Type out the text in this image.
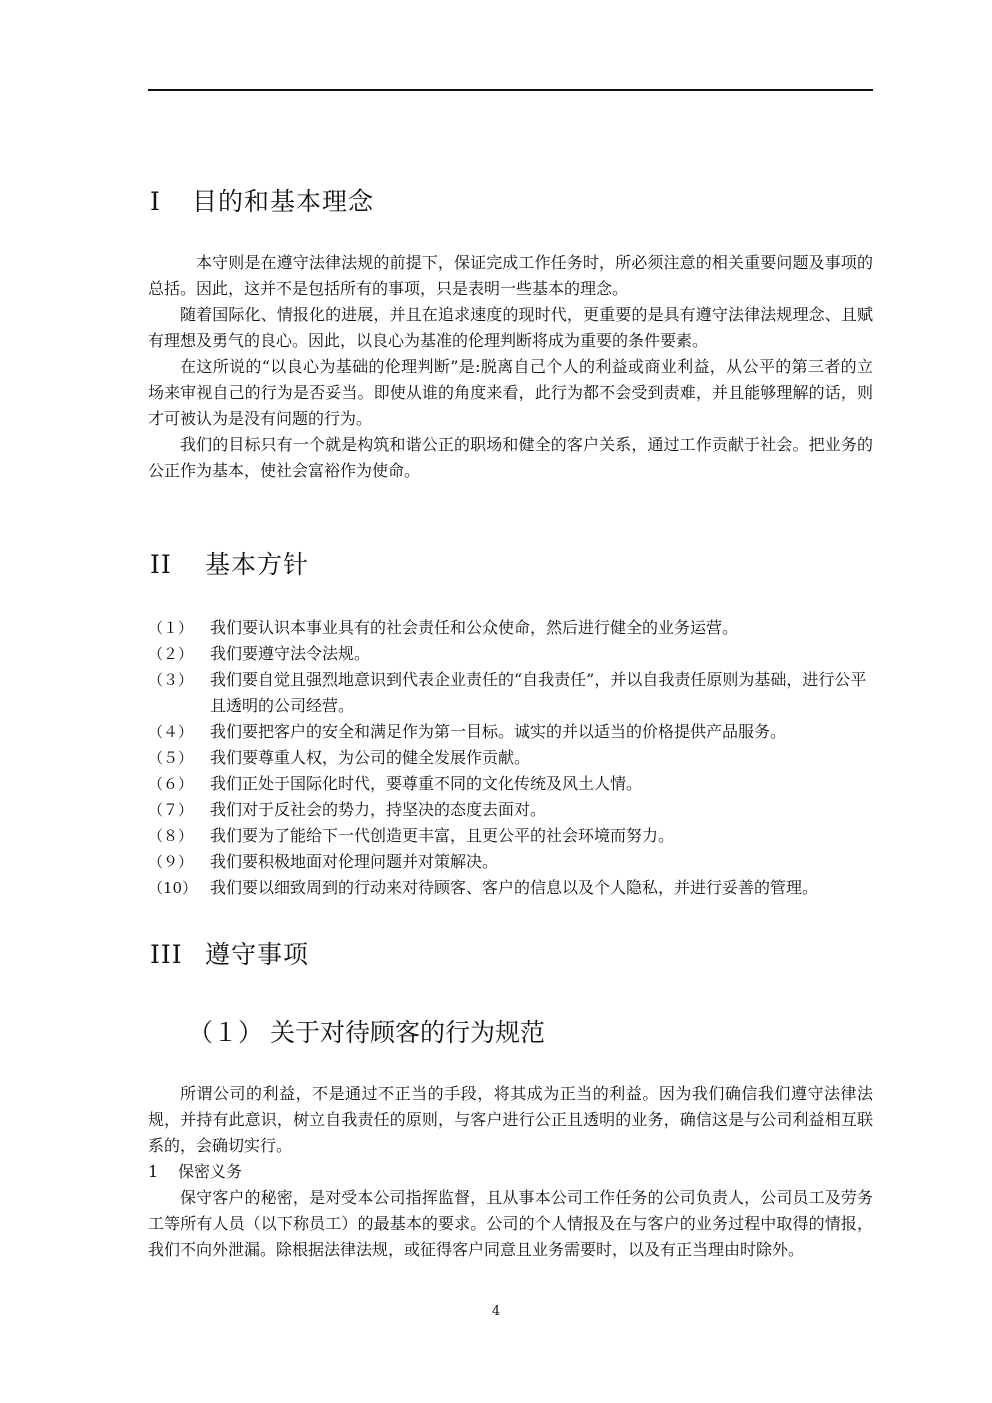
I 目的和基本理念

本守则是在遵守法律法规的前提下，保证完成工作任务时，所必须注意的相关重要问题及事项的总括。因此，这并不是包括所有的事项，只是表明一些基本的理念。

随着国际化、情报化的进展，并且在追求速度的现时代，更重要的是具有遵守法律法规理念、且赋有理想及勇气的良心。因此，以良心为基准的伦理判断将成为重要的条件要素。

在这所说的“以良心为基础的伦理判断”是:脱离自己个人的利益或商业利益，从公平的第三者的立场来审视自己的行为是否妥当。即使从谁的角度来看，此行为都不会受到责难，并且能够理解的话，则才可被认为是没有问题的行为。

我们的目标只有一个就是构筑和谐公正的职场和健全的客户关系，通过工作贡献于社会。把业务的公正作为基本，使社会富裕作为使命。

II 基本方针
（１）	我们要认识本事业具有的社会责任和公众使命，然后进行健全的业务运营。
（２）	我们要遵守法令法规。
（３）	我们要自觉且强烈地意识到代表企业责任的“自我责任”，并以自我责任原则为基础，进行公平且透明的公司经营。
（４）	我们要把客户的安全和满足作为第一目标。诚实的并以适当的价格提供产品服务。
（５）	我们要尊重人权，为公司的健全发展作贡献。
（６）	我们正处于国际化时代，要尊重不同的文化传统及风土人情。
（７）	我们对于反社会的势力，持坚决的态度去面对。
（８）	我们要为了能给下一代创造更丰富，且更公平的社会环境而努力。
（９）	我们要积极地面对伦理问题并对策解决。
（10） 我们要以细致周到的行动来对待顾客、客户的信息以及个人隐私，并进行妥善的管理。
III 遵守事项
（１） 关于对待顾客的行为规范

所谓公司的利益，不是通过不正当的手段，将其成为正当的利益。因为我们确信我们遵守法律法规，并持有此意识，树立自我责任的原则，与客户进行公正且透明的业务，确信这是与公司利益相互联系的，会确切实行。

1 保密义务

保守客户的秘密，是对受本公司指挥监督，且从事本公司工作任务的公司负责人，公司员工及劳务工等所有人员（以下称员工）的最基本的要求。公司的个人情报及在与客户的业务过程中取得的情报，我们不向外泄漏。除根据法律法规，或征得客户同意且业务需要时，以及有正当理由时除外。

4
